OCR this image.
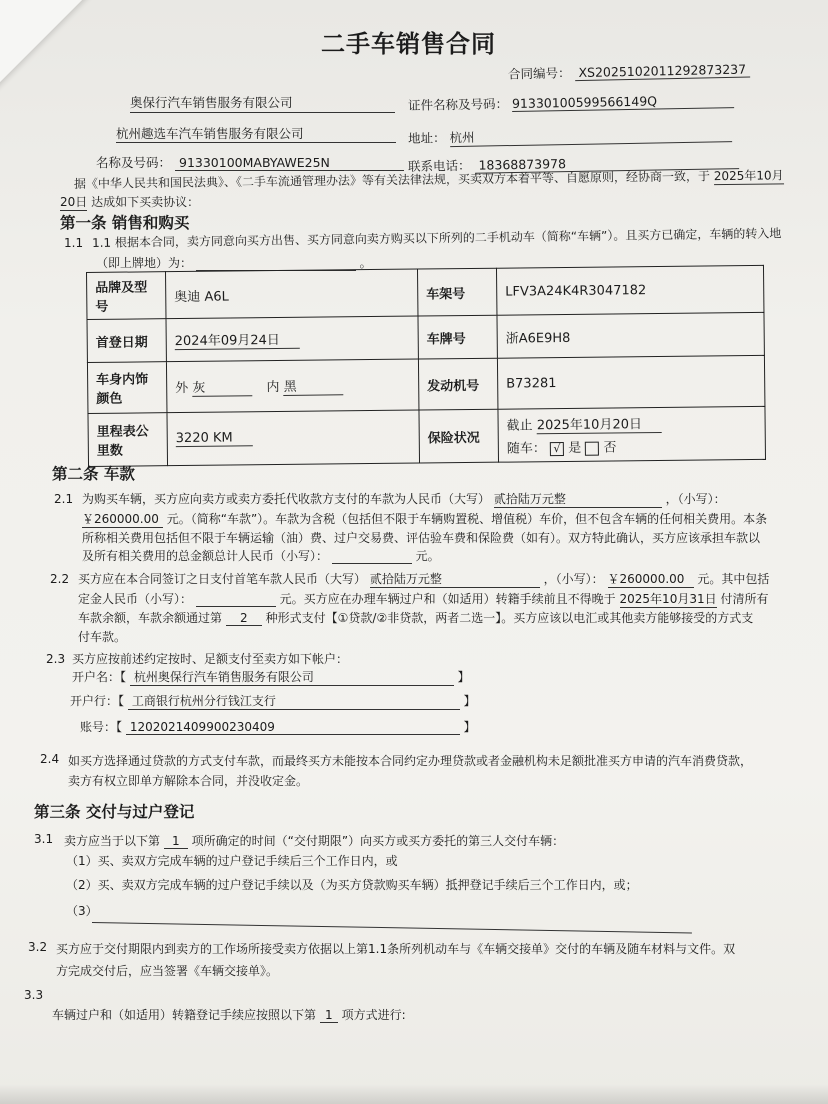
二手车销售合同
合同编号： XS2025102011292873237
奥保行汽车销售服务有限公司	证件名称及号码： 91330100599566149Q
杭州趣选车汽车销售服务有限公司	地址： 杭州
名称及号码： 91330100MABYAWE25N	联系电话： 18368873978
据《中华人民共和国民法典》、《二手车流通管理办法》等有关法律法规，买卖双方本着平等、自愿原则，经协商一致，于 2025年10月
20日 达成如下买卖协议：
第一条 销售和购买
1.1 1.1 根据本合同，卖方同意向买方出售、买方同意向卖方购买以下所列的二手机动车（简称“车辆”）。且买方已确定，车辆的转入地
（即上牌地）为：	。
品牌及型号	奥迪 A6L	车架号	LFV3A24K4R3047182
首登日期	2024年09月24日	车牌号	浙A6E9H8
车身内饰颜色	外 灰 内 黑	发动机号	B73281
里程表公里数	3220 KM	保险状况	截止 2025年10月20日
随车： √ 是 否
第二条 车款
2.1 为购买车辆，买方应向卖方或卖方委托代收款方支付的车款为人民币（大写） 贰拾陆万元整	，（小写）：
￥260000.00 元。（简称“车款”）。车款为含税（包括但不限于车辆购置税、增值税）车价，但不包含车辆的任何相关费用。本条
所称相关费用包括但不限于车辆运输（油）费、过户交易费、评估验车费和保险费（如有）。双方特此确认，买方应该承担车款以
及所有相关费用的总金额总计人民币（小写）：	元。
2.2 买方应在本合同签订之日支付首笔车款人民币（大写） 贰拾陆万元整	，（小写）： ￥260000.00 元。其中包括
定金人民币（小写）：	元。买方应在办理车辆过户和（如适用）转籍手续前且不得晚于 2025年10月31日 付清所有
车款余额，车款余额通过第 2 种形式支付【①贷款/②非贷款，两者二选一】。买方应该以电汇或其他卖方能够接受的方式支
付车款。
2.3 买方应按前述约定按时、足额支付至卖方如下帐户：
开户名：【 杭州奥保行汽车销售服务有限公司	】
开户行：【 工商银行杭州分行钱江支行	】
账号：【 1202021409900230409	】
2.4 如买方选择通过贷款的方式支付车款，而最终买方未能按本合同约定办理贷款或者金融机构未足额批准买方申请的汽车消费贷款，
卖方有权立即单方解除本合同，并没收定金。
第三条 交付与过户登记
3.1 卖方应当于以下第 1 项所确定的时间（“交付期限”）向买方或买方委托的第三人交付车辆：
（1）买、卖双方完成车辆的过户登记手续后三个工作日内，或
（2）买、卖双方完成车辆的过户登记手续以及（为买方贷款购买车辆）抵押登记手续后三个工作日内，或；
（3）
3.2 买方应于交付期限内到卖方的工作场所接受卖方依据以上第1.1条所列机动车与《车辆交接单》交付的车辆及随车材料与文件。双
方完成交付后，应当签署《车辆交接单》。
3.3
车辆过户和（如适用）转籍登记手续应按照以下第 1 项方式进行:
